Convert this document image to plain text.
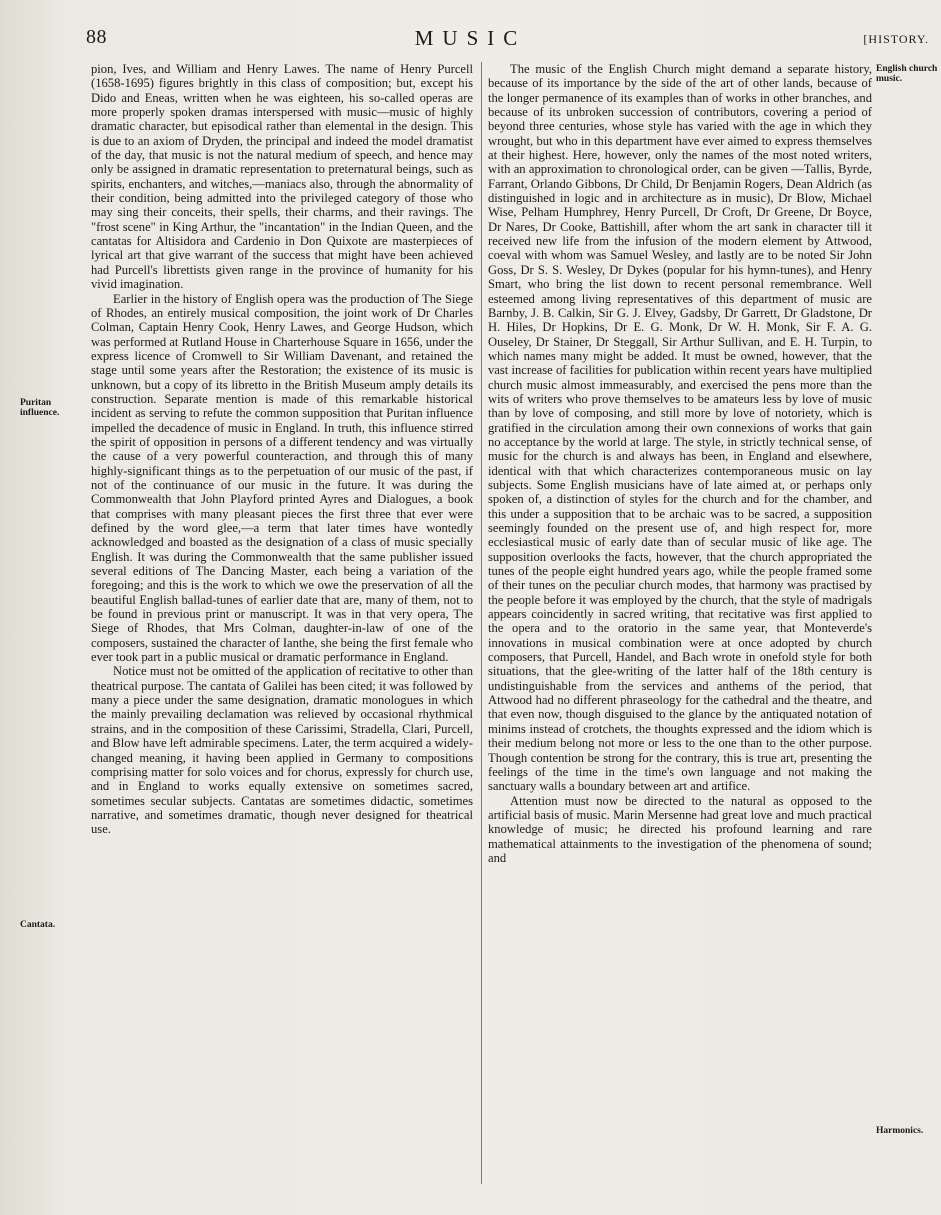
88	MUSIC	[HISTORY.
Puritan influence.
Cantata.
English church music.
Harmonics.

pion, Ives, and William and Henry Lawes. The name of Henry Purcell (1658-1695) figures brightly in this class of composition; but, except his Dido and Eneas, written when he was eighteen, his so-called operas are more properly spoken dramas interspersed with music—music of highly dramatic character, but episodical rather than elemental in the design. This is due to an axiom of Dryden, the principal and indeed the model dramatist of the day, that music is not the natural medium of speech, and hence may only be assigned in dramatic representation to preternatural beings, such as spirits, enchanters, and witches,—maniacs also, through the abnormality of their condition, being admitted into the privileged category of those who may sing their conceits, their spells, their charms, and their ravings. The "frost scene" in King Arthur, the "incantation" in the Indian Queen, and the cantatas for Altisidora and Cardenio in Don Quixote are masterpieces of lyrical art that give warrant of the success that might have been achieved had Purcell's librettists given range in the province of humanity for his vivid imagination.

Earlier in the history of English opera was the production of The Siege of Rhodes, an entirely musical composition, the joint work of Dr Charles Colman, Captain Henry Cook, Henry Lawes, and George Hudson, which was performed at Rutland House in Charterhouse Square in 1656, under the express licence of Cromwell to Sir William Davenant, and retained the stage until some years after the Restoration; the existence of its music is unknown, but a copy of its libretto in the British Museum amply details its construction. Separate mention is made of this remarkable historical incident as serving to refute the common supposition that Puritan influence impelled the decadence of music in England. In truth, this influence stirred the spirit of opposition in persons of a different tendency and was virtually the cause of a very powerful counteraction, and through this of many highly-significant things as to the perpetuation of our music of the past, if not of the continuance of our music in the future. It was during the Commonwealth that John Playford printed Ayres and Dialogues, a book that comprises with many pleasant pieces the first three that ever were defined by the word glee,—a term that later times have wontedly acknowledged and boasted as the designation of a class of music specially English. It was during the Commonwealth that the same publisher issued several editions of The Dancing Master, each being a variation of the foregoing; and this is the work to which we owe the preservation of all the beautiful English ballad-tunes of earlier date that are, many of them, not to be found in previous print or manuscript. It was in that very opera, The Siege of Rhodes, that Mrs Colman, daughter-in-law of one of the composers, sustained the character of Ianthe, she being the first female who ever took part in a public musical or dramatic performance in England.

Notice must not be omitted of the application of recitative to other than theatrical purpose. The cantata of Galilei has been cited; it was followed by many a piece under the same designation, dramatic monologues in which the mainly prevailing declamation was relieved by occasional rhythmical strains, and in the composition of these Carissimi, Stradella, Clari, Purcell, and Blow have left admirable specimens. Later, the term acquired a widely-changed meaning, it having been applied in Germany to compositions comprising matter for solo voices and for chorus, expressly for church use, and in England to works equally extensive on sometimes sacred, sometimes secular subjects. Cantatas are sometimes didactic, sometimes narrative, and sometimes dramatic, though never designed for theatrical use.

The music of the English Church might demand a separate history, because of its importance by the side of the art of other lands, because of the longer permanence of its examples than of works in other branches, and because of its unbroken succession of contributors, covering a period of beyond three centuries, whose style has varied with the age in which they wrought, but who in this department have ever aimed to express themselves at their highest. Here, however, only the names of the most noted writers, with an approximation to chronological order, can be given —Tallis, Byrde, Farrant, Orlando Gibbons, Dr Child, Dr Benjamin Rogers, Dean Aldrich (as distinguished in logic and in architecture as in music), Dr Blow, Michael Wise, Pelham Humphrey, Henry Purcell, Dr Croft, Dr Greene, Dr Boyce, Dr Nares, Dr Cooke, Battishill, after whom the art sank in character till it received new life from the infusion of the modern element by Attwood, coeval with whom was Samuel Wesley, and lastly are to be noted Sir John Goss, Dr S. S. Wesley, Dr Dykes (popular for his hymn-tunes), and Henry Smart, who bring the list down to recent personal remembrance. Well esteemed among living representatives of this department of music are Barnby, J. B. Calkin, Sir G. J. Elvey, Gadsby, Dr Garrett, Dr Gladstone, Dr H. Hiles, Dr Hopkins, Dr E. G. Monk, Dr W. H. Monk, Sir F. A. G. Ouseley, Dr Stainer, Dr Steggall, Sir Arthur Sullivan, and E. H. Turpin, to which names many might be added. It must be owned, however, that the vast increase of facilities for publication within recent years have multiplied church music almost immeasurably, and exercised the pens more than the wits of writers who prove themselves to be amateurs less by love of music than by love of composing, and still more by love of notoriety, which is gratified in the circulation among their own connexions of works that gain no acceptance by the world at large. The style, in strictly technical sense, of music for the church is and always has been, in England and elsewhere, identical with that which characterizes contemporaneous music on lay subjects. Some English musicians have of late aimed at, or perhaps only spoken of, a distinction of styles for the church and for the chamber, and this under a supposition that to be archaic was to be sacred, a supposition seemingly founded on the present use of, and high respect for, more ecclesiastical music of early date than of secular music of like age. The supposition overlooks the facts, however, that the church appropriated the tunes of the people eight hundred years ago, while the people framed some of their tunes on the peculiar church modes, that harmony was practised by the people before it was employed by the church, that the style of madrigals appears coincidently in sacred writing, that recitative was first applied to the opera and to the oratorio in the same year, that Monteverde's innovations in musical combination were at once adopted by church composers, that Purcell, Handel, and Bach wrote in onefold style for both situations, that the glee-writing of the latter half of the 18th century is undistinguishable from the services and anthems of the period, that Attwood had no different phraseology for the cathedral and the theatre, and that even now, though disguised to the glance by the antiquated notation of minims instead of crotchets, the thoughts expressed and the idiom which is their medium belong not more or less to the one than to the other purpose. Though contention be strong for the contrary, this is true art, presenting the feelings of the time in the time's own language and not making the sanctuary walls a boundary between art and artifice.

Attention must now be directed to the natural as opposed to the artificial basis of music. Marin Mersenne had great love and much practical knowledge of music; he directed his profound learning and rare mathematical attainments to the investigation of the phenomena of sound; and
